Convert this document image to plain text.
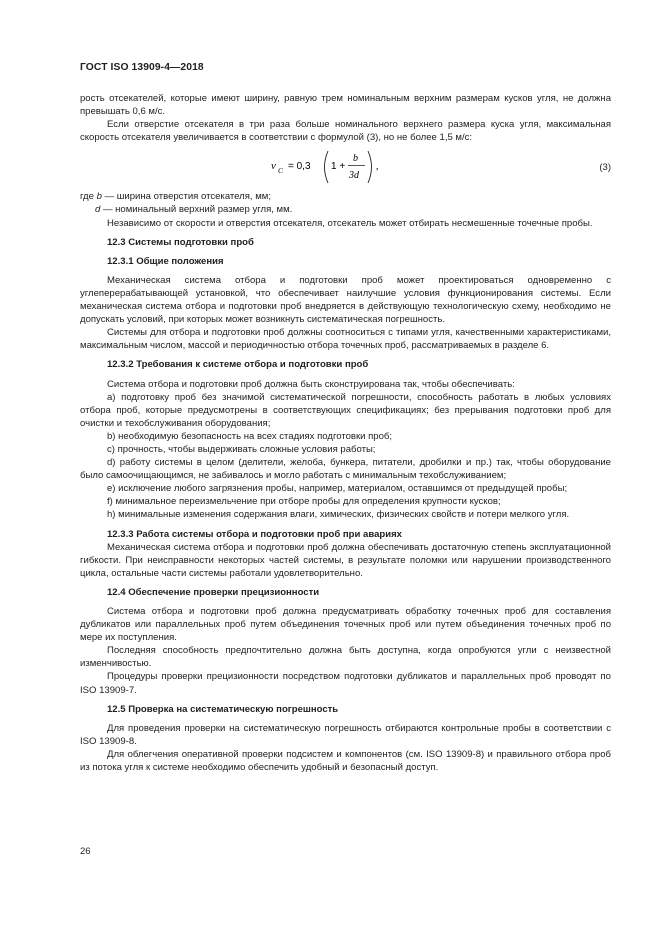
ГОСТ ISO 13909-4—2018

рость отсекателей, которые имеют ширину, равную трем номинальным верхним размерам кусков угля, не должна превышать 0,6 м/с.

Если отверстие отсекателя в три раза больше номинального верхнего размера куска угля, максимальная скорость отсекателя увеличивается в соответствии с формулой (3), но не более 1,5 м/с:

v C = 0,3 1 +
b
3d
,	(3)

где b — ширина отверстия отсекателя, мм;

d — номинальный верхний размер угля, мм.

Независимо от скорости и отверстия отсекателя, отсекатель может отбирать несмешенные точечные пробы.

12.3 Системы подготовки проб
12.3.1 Общие положения

Механическая система отбора и подготовки проб может проектироваться одновременно с углеперерабатывающей установкой, что обеспечивает наилучшие условия функционирования системы. Если механическая система отбора и подготовки проб внедряется в действующую технологическую схему, необходимо не допускать условий, при которых может возникнуть систематическая погрешность.

Системы для отбора и подготовки проб должны соотноситься с типами угля, качественными характеристиками, максимальным числом, массой и периодичностью отбора точечных проб, рассматриваемых в разделе 6.

12.3.2 Требования к системе отбора и подготовки проб

Система отбора и подготовки проб должна быть сконструирована так, чтобы обеспечивать:

a) подготовку проб без значимой систематической погрешности, способность работать в любых условиях отбора проб, которые предусмотрены в соответствующих спецификациях; без прерывания подготовки проб для очистки и техобслуживания оборудования;

b) необходимую безопасность на всех стадиях подготовки проб;

c) прочность, чтобы выдерживать сложные условия работы;

d) работу системы в целом (делители, желоба, бункера, питатели, дробилки и пр.) так, чтобы оборудование было самоочищающимся, не забивалось и могло работать с минимальным техобслуживанием;

e) исключение любого загрязнения пробы, например, материалом, оставшимся от предыдущей пробы;

f) минимальное переизмельчение при отборе пробы для определения крупности кусков;

h) минимальные изменения содержания влаги, химических, физических свойств и потери мелкого угля.

12.3.3 Работа системы отбора и подготовки проб при авариях

Механическая система отбора и подготовки проб должна обеспечивать достаточную степень эксплуатационной гибкости. При неисправности некоторых частей системы, в результате поломки или нарушении производственного цикла, остальные части системы работали удовлетворительно.

12.4 Обеспечение проверки прецизионности

Система отбора и подготовки проб должна предусматривать обработку точечных проб для составления дубликатов или параллельных проб путем объединения точечных проб или путем объединения точечных проб по мере их поступления.

Последняя способность предпочтительно должна быть доступна, когда опробуются угли с неизвестной изменчивостью.

Процедуры проверки прецизионности посредством подготовки дубликатов и параллельных проб проводят по ISO 13909-7.

12.5 Проверка на систематическую погрешность

Для проведения проверки на систематическую погрешность отбираются контрольные пробы в соответствии с ISO 13909-8.

Для облегчения оперативной проверки подсистем и компонентов (см. ISO 13909-8) и правильного отбора проб из потока угля к системе необходимо обеспечить удобный и безопасный доступ.

26
